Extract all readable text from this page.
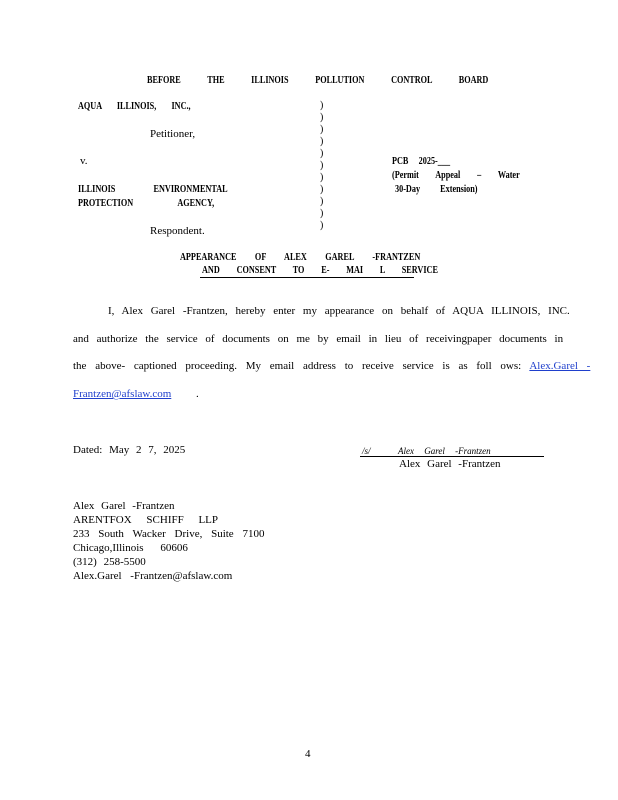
BEFORE THE ILLINOIS POLLUTION CONTROL BOARD
AQUA ILLINOIS, INC.,
Petitioner,
v.
ILLINOIS ENVIRONMENTAL
PROTECTION AGENCY,
Respondent.
)
)
)
)
)
)
)
)
)
)
)
PCB 2025-___
(Permit Appeal – Water
30-Day Extension)
APPEARANCE OF ALEX GAREL -FRANTZEN
AND CONSENT TO E- MAI L SERVICE
I, Alex Garel -Frantzen, hereby enter my appearance on behalf of AQUA ILLINOIS, INC.
and authorize the service of documents on me by email in lieu of receivingpaper documents in
the above- captioned proceeding. My email address to receive service is as foll ows: Alex.Garel -
Frantzen@afslaw.com .
Dated: May 2 7, 2025	/s/	Alex Garel -Frantzen
Alex Garel -Frantzen
Alex Garel -Frantzen
ARENTFOX SCHIFF LLP
233 South Wacker Drive, Suite 7100
Chicago,Illinois 60606
(312) 258-5500
Alex.Garel -Frantzen@afslaw.com
4
